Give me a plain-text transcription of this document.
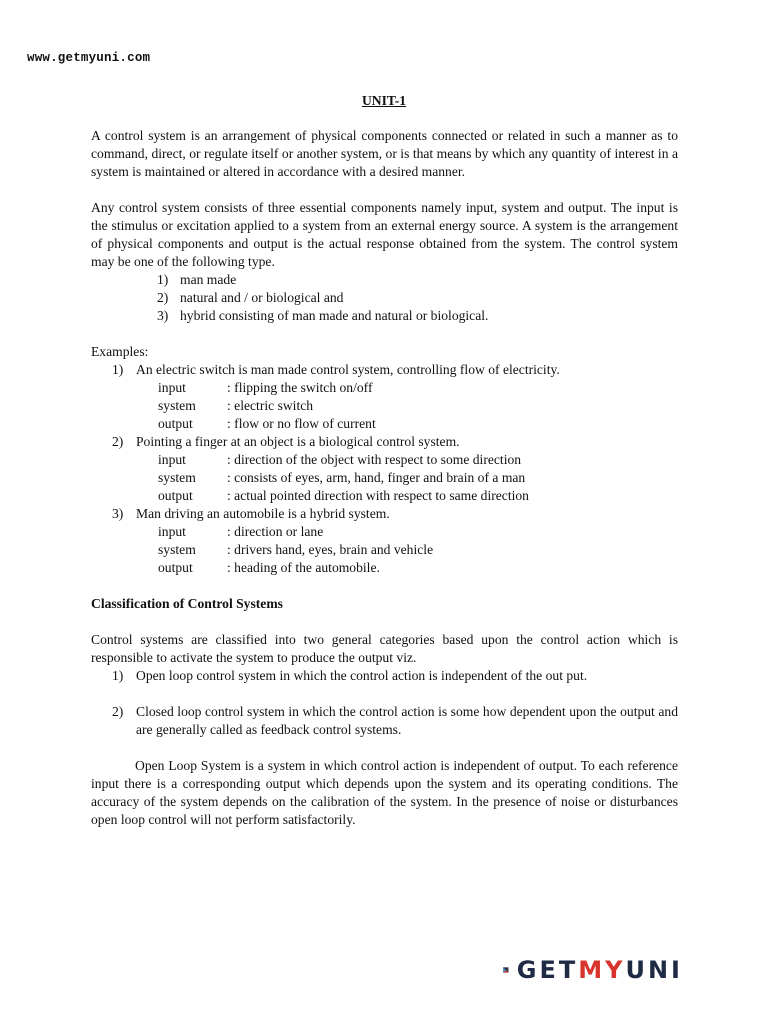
www.getmyuni.com
UNIT-1

A control system is an arrangement of physical components connected or related in such a manner as to command, direct, or regulate itself or another system, or is that means by which any quantity of interest in a system is maintained or altered in accordance with a desired manner.

Any control system consists of three essential components namely input, system and output. The input is the stimulus or excitation applied to a system from an external energy source. A system is the arrangement of physical components and output is the actual response obtained from the system. The control system may be one of the following type.

1) man made
2) natural and / or biological and
3) hybrid consisting of man made and natural or biological.
Examples:
1) An electric switch is man made control system, controlling flow of electricity.
input	: flipping the switch on/off
system : electric switch
output	: flow or no flow of current
2) Pointing a finger at an object is a biological control system.
input	: direction of the object with respect to some direction
system : consists of eyes, arm, hand, finger and brain of a man
output	: actual pointed direction with respect to same direction
3) Man driving an automobile is a hybrid system.
input	: direction or lane
system : drivers hand, eyes, brain and vehicle
output	: heading of the automobile.
Classification of Control Systems

Control systems are classified into two general categories based upon the control action which is responsible to activate the system to produce the output viz.

1) Open loop control system in which the control action is independent of the out put.

2) Closed loop control system in which the control action is some how dependent upon the output and are generally called as feedback control systems.

Open Loop System is a system in which control action is independent of output. To each reference input there is a corresponding output which depends upon the system and its operating conditions. The accuracy of the system depends on the calibration of the system. In the presence of noise or disturbances open loop control will not perform satisfactorily.

GETMYUNI
